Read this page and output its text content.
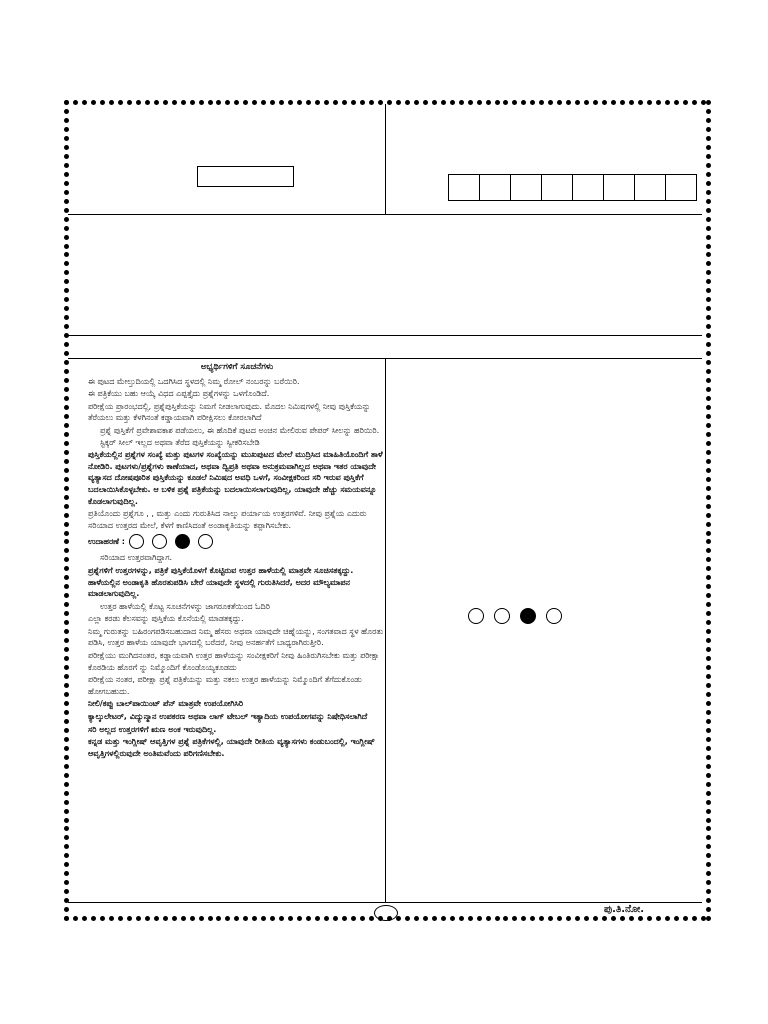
ಅಭ್ಯರ್ಥಿಗಳಿಗೆ ಸೂಚನೆಗಳು

ಈ ಪುಟದ ಮೇಲ್ತುದಿಯಲ್ಲಿ ಒದಗಿಸಿದ ಸ್ಥಳದಲ್ಲಿ ನಿಮ್ಮ ರೋಲ್ ನಂಬರನ್ನು ಬರೆಯಿರಿ.

ಈ ಪತ್ರಿಕೆಯು ಬಹು ಆಯ್ಕೆ ವಿಧದ ಎಪ್ಪತ್ತೈದು ಪ್ರಶ್ನೆಗಳನ್ನು ಒಳಗೊಂಡಿದೆ.

ಪರೀಕ್ಷೆಯ ಪ್ರಾರಂಭದಲ್ಲಿ, ಪ್ರಶ್ನೆಪುಸ್ತಿಕೆಯನ್ನು ನಿಮಗೆ ನೀಡಲಾಗುವುದು. ಮೊದಲ ನಿಮಿಷಗಳಲ್ಲಿ ನೀವು ಪುಸ್ತಿಕೆಯನ್ನು ತೆರೆಯಲು ಮತ್ತು ಕೆಳಗಿನಂತೆ ಕಡ್ಡಾಯವಾಗಿ ಪರೀಕ್ಷಿಸಲು ಕೋರಲಾಗಿದೆ

ಪ್ರಶ್ನೆ ಪುಸ್ತಿಕೆಗೆ ಪ್ರವೇಶಾವಕಾಶ ಪಡೆಯಲು, ಈ ಹೊದಿಕೆ ಪುಟದ ಅಂಚಿನ ಮೇಲಿರುವ ಪೇಪರ್ ಸೀಲನ್ನು ಹರಿಯಿರಿ. ಸ್ಟಿಕ್ಕರ್ ಸೀಲ್ ಇಲ್ಲದ ಅಥವಾ ತೆರೆದ ಪುಸ್ತಿಕೆಯನ್ನು ಸ್ವೀಕರಿಸಬೇಡಿ

ಪುಸ್ತಿಕೆಯಲ್ಲಿನ ಪ್ರಶ್ನೆಗಳ ಸಂಖ್ಯೆ ಮತ್ತು ಪುಟಗಳ ಸಂಖ್ಯೆಯನ್ನು ಮುಖಪುಟದ ಮೇಲೆ ಮುದ್ರಿಸಿದ ಮಾಹಿತಿಯೊಂದಿಗೆ ತಾಳೆ ನೋಡಿರಿ. ಪುಟಗಳು/ಪ್ರಶ್ನೆಗಳು ಕಾಣೆಯಾದ, ಅಥವಾ ದ್ವಿಪ್ರತಿ ಅಥವಾ ಅನುಕ್ರಮವಾಗಿಲ್ಲದ ಅಥವಾ ಇತರ ಯಾವುದೇ ವ್ಯತ್ಯಾಸದ ದೋಷಪೂರಿತ ಪುಸ್ತಿಕೆಯನ್ನು ಕೂಡಲೆ ನಿಮಿಷದ ಅವಧಿ ಒಳಗೆ, ಸಂವೀಕ್ಷಕರಿಂದ ಸರಿ ಇರುವ ಪುಸ್ತಿಕೆಗೆ ಬದಲಾಯಿಸಿಕೊಳ್ಳಬೇಕು. ಆ ಬಳಿಕ ಪ್ರಶ್ನೆ ಪತ್ರಿಕೆಯನ್ನು ಬದಲಾಯಿಸಲಾಗುವುದಿಲ್ಲ, ಯಾವುದೇ ಹೆಚ್ಚು ಸಮಯವನ್ನೂ ಕೊಡಲಾಗುವುದಿಲ್ಲ.

ಪ್ರತಿಯೊಂದು ಪ್ರಶ್ನೆಗೂ , , ಮತ್ತು ಎಂದು ಗುರುತಿಸಿದ ನಾಲ್ಕು ಪರ್ಯಾಯ ಉತ್ತರಗಳಿವೆ. ನೀವು ಪ್ರಶ್ನೆಯ ಎದುರು ಸರಿಯಾದ ಉತ್ತರದ ಮೇಲೆ, ಕೆಳಗೆ ಕಾಣಿಸಿದಂತೆ ಅಂಡಾಕೃತಿಯನ್ನು ಕಪ್ಪಾಗಿಸಬೇಕು.

ಉದಾಹರಣೆ :

ಸರಿಯಾದ ಉತ್ತರವಾಗಿದ್ದಾಗ.

ಪ್ರಶ್ನೆಗಳಿಗೆ ಉತ್ತರಗಳನ್ನು, ಪತ್ರಿಕೆ ಪುಸ್ತಿಕೆಯೊಳಗೆ ಕೊಟ್ಟಿರುವ ಉತ್ತರ ಹಾಳೆಯಲ್ಲಿ ಮಾತ್ರವೇ ಸೂಚಿಸತಕ್ಕದ್ದು. ಹಾಳೆಯಲ್ಲಿನ ಅಂಡಾಕೃತಿ ಹೊರತುಪಡಿಸಿ ಬೇರೆ ಯಾವುದೇ ಸ್ಥಳದಲ್ಲಿ ಗುರುತಿಸಿದರೆ, ಅದರ ಮೌಲ್ಯಮಾಪನ ಮಾಡಲಾಗುವುದಿಲ್ಲ.

ಉತ್ತರ ಹಾಳೆಯಲ್ಲಿ ಕೊಟ್ಟ ಸೂಚನೆಗಳನ್ನು ಜಾಗರೂಕತೆಯಿಂದ ಓದಿರಿ

ಎಲ್ಲಾ ಕರಡು ಕೆಲಸವನ್ನು ಪುಸ್ತಿಕೆಯ ಕೊನೆಯಲ್ಲಿ ಮಾಡತಕ್ಕದ್ದು.

ನಿಮ್ಮ ಗುರುತನ್ನು ಬಹಿರಂಗಪಡಿಸಬಹುದಾದ ನಿಮ್ಮ ಹೆಸರು ಅಥವಾ ಯಾವುದೇ ಚಿಹ್ನೆಯನ್ನು, ಸಂಗತವಾದ ಸ್ಥಳ ಹೊರತು ಪಡಿಸಿ, ಉತ್ತರ ಹಾಳೆಯ ಯಾವುದೇ ಭಾಗದಲ್ಲಿ ಬರೆದರೆ, ನೀವು ಅನರ್ಹತೆಗೆ ಬಾಧ್ಯರಾಗಿರುತ್ತೀರಿ.

ಪರೀಕ್ಷೆಯು ಮುಗಿದನಂತರ, ಕಡ್ಡಾಯವಾಗಿ ಉತ್ತರ ಹಾಳೆಯನ್ನು ಸಂವೀಕ್ಷಕರಿಗೆ ನೀವು ಹಿಂತಿರುಗಿಸಬೇಕು ಮತ್ತು ಪರೀಕ್ಷಾ ಕೊಠಡಿಯ ಹೊರಗೆ ನ್ನು ನಿಮ್ಮೊಂದಿಗೆ ಕೊಂಡೊಯ್ಯಕೂಡದು

ಪರೀಕ್ಷೆಯ ನಂತರ, ಪರೀಕ್ಷಾ ಪ್ರಶ್ನೆ ಪತ್ರಿಕೆಯನ್ನು ಮತ್ತು ನಕಲು ಉತ್ತರ ಹಾಳೆಯನ್ನು ನಿಮ್ಮೊಂದಿಗೆ ತೆಗೆದುಕೊಂಡು ಹೋಗಬಹುದು.

ನೀಲಿ/ಕಪ್ಪು ಬಾಲ್‌ಪಾಯಿಂಟ್ ಪೆನ್ ಮಾತ್ರವೇ ಉಪಯೋಗಿಸಿರಿ

ಕ್ಯಾಲ್ಕುಲೇಟರ್, ವಿದ್ಯುನ್ಮಾನ ಉಪಕರಣ ಅಥವಾ ಲಾಗ್ ಟೇಬಲ್ ಇತ್ಯಾದಿಯ ಉಪಯೋಗವನ್ನು ನಿಷೇಧಿಸಲಾಗಿದೆ

ಸರಿ ಅಲ್ಲದ ಉತ್ತರಗಳಿಗೆ ಋಣ ಅಂಕ ಇರುವುದಿಲ್ಲ.

ಕನ್ನಡ ಮತ್ತು ಇಂಗ್ಲೀಷ್ ಆವೃತ್ತಿಗಳ ಪ್ರಶ್ನೆ ಪತ್ರಿಕೆಗಳಲ್ಲಿ, ಯಾವುದೇ ರೀತಿಯ ವ್ಯತ್ಯಾಸಗಳು ಕಂಡುಬಂದಲ್ಲಿ, ಇಂಗ್ಲೀಷ್ ಆವೃತ್ತಿಗಳಲ್ಲಿರುವುದೇ ಅಂತಿಮವೆಂದು ಪರಿಗಣಿಸಬೇಕು.

ಪು.ತಿ.ನೋ.
